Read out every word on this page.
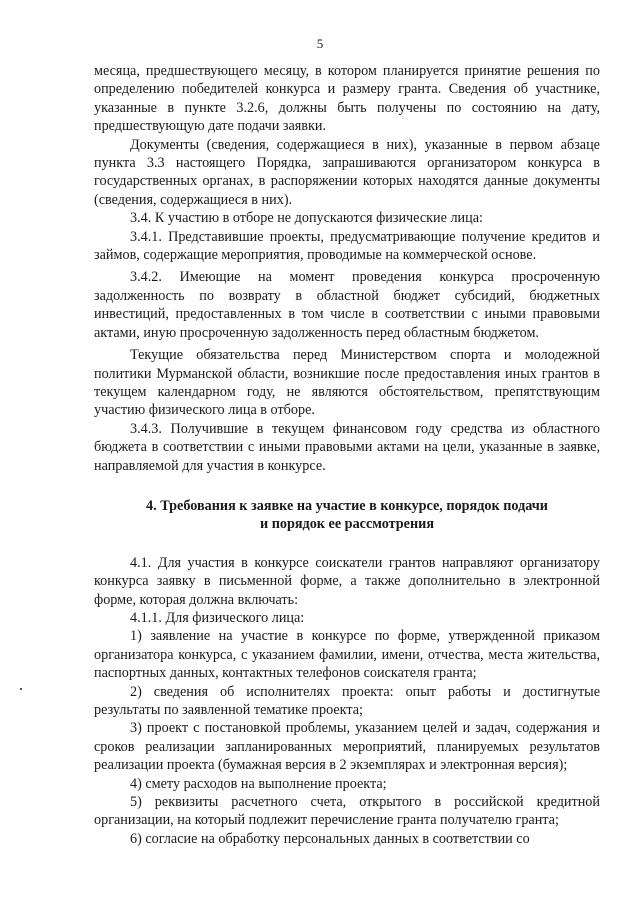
5

месяца, предшествующего месяцу, в котором планируется принятие решения по определению победителей конкурса и размеру гранта. Сведения об участнике, указанные в пункте 3.2.6, должны быть получены по состоянию на дату, предшествующую дате подачи заявки.

Документы (сведения, содержащиеся в них), указанные в первом абзаце пункта 3.3 настоящего Порядка, запрашиваются организатором конкурса в государственных органах, в распоряжении которых находятся данные документы (сведения, содержащиеся в них).

3.4. К участию в отборе не допускаются физические лица:

3.4.1. Представившие проекты, предусматривающие получение кредитов и займов, содержащие мероприятия, проводимые на коммерческой основе.

3.4.2. Имеющие на момент проведения конкурса просроченную задолженность по возврату в областной бюджет субсидий, бюджетных инвестиций, предоставленных в том числе в соответствии с иными правовыми актами, иную просроченную задолженность перед областным бюджетом.

Текущие обязательства перед Министерством спорта и молодежной политики Мурманской области, возникшие после предоставления иных грантов в текущем календарном году, не являются обстоятельством, препятствующим участию физического лица в отборе.

3.4.3. Получившие в текущем финансовом году средства из областного бюджета в соответствии с иными правовыми актами на цели, указанные в заявке, направляемой для участия в конкурсе.

4. Требования к заявке на участие в конкурсе, порядок подачи
и порядок ее рассмотрения

4.1. Для участия в конкурсе соискатели грантов направляют организатору конкурса заявку в письменной форме, а также дополнительно в электронной форме, которая должна включать:

4.1.1. Для физического лица:

1) заявление на участие в конкурсе по форме, утвержденной приказом организатора конкурса, с указанием фамилии, имени, отчества, места жительства, паспортных данных, контактных телефонов соискателя гранта;

2) сведения об исполнителях проекта: опыт работы и достигнутые результаты по заявленной тематике проекта;

3) проект с постановкой проблемы, указанием целей и задач, содержания и сроков реализации запланированных мероприятий, планируемых результатов реализации проекта (бумажная версия в 2 экземплярах и электронная версия);

4) смету расходов на выполнение проекта;

5) реквизиты расчетного счета, открытого в российской кредитной организации, на который подлежит перечисление гранта получателю гранта;

6) согласие на обработку персональных данных в соответствии со
